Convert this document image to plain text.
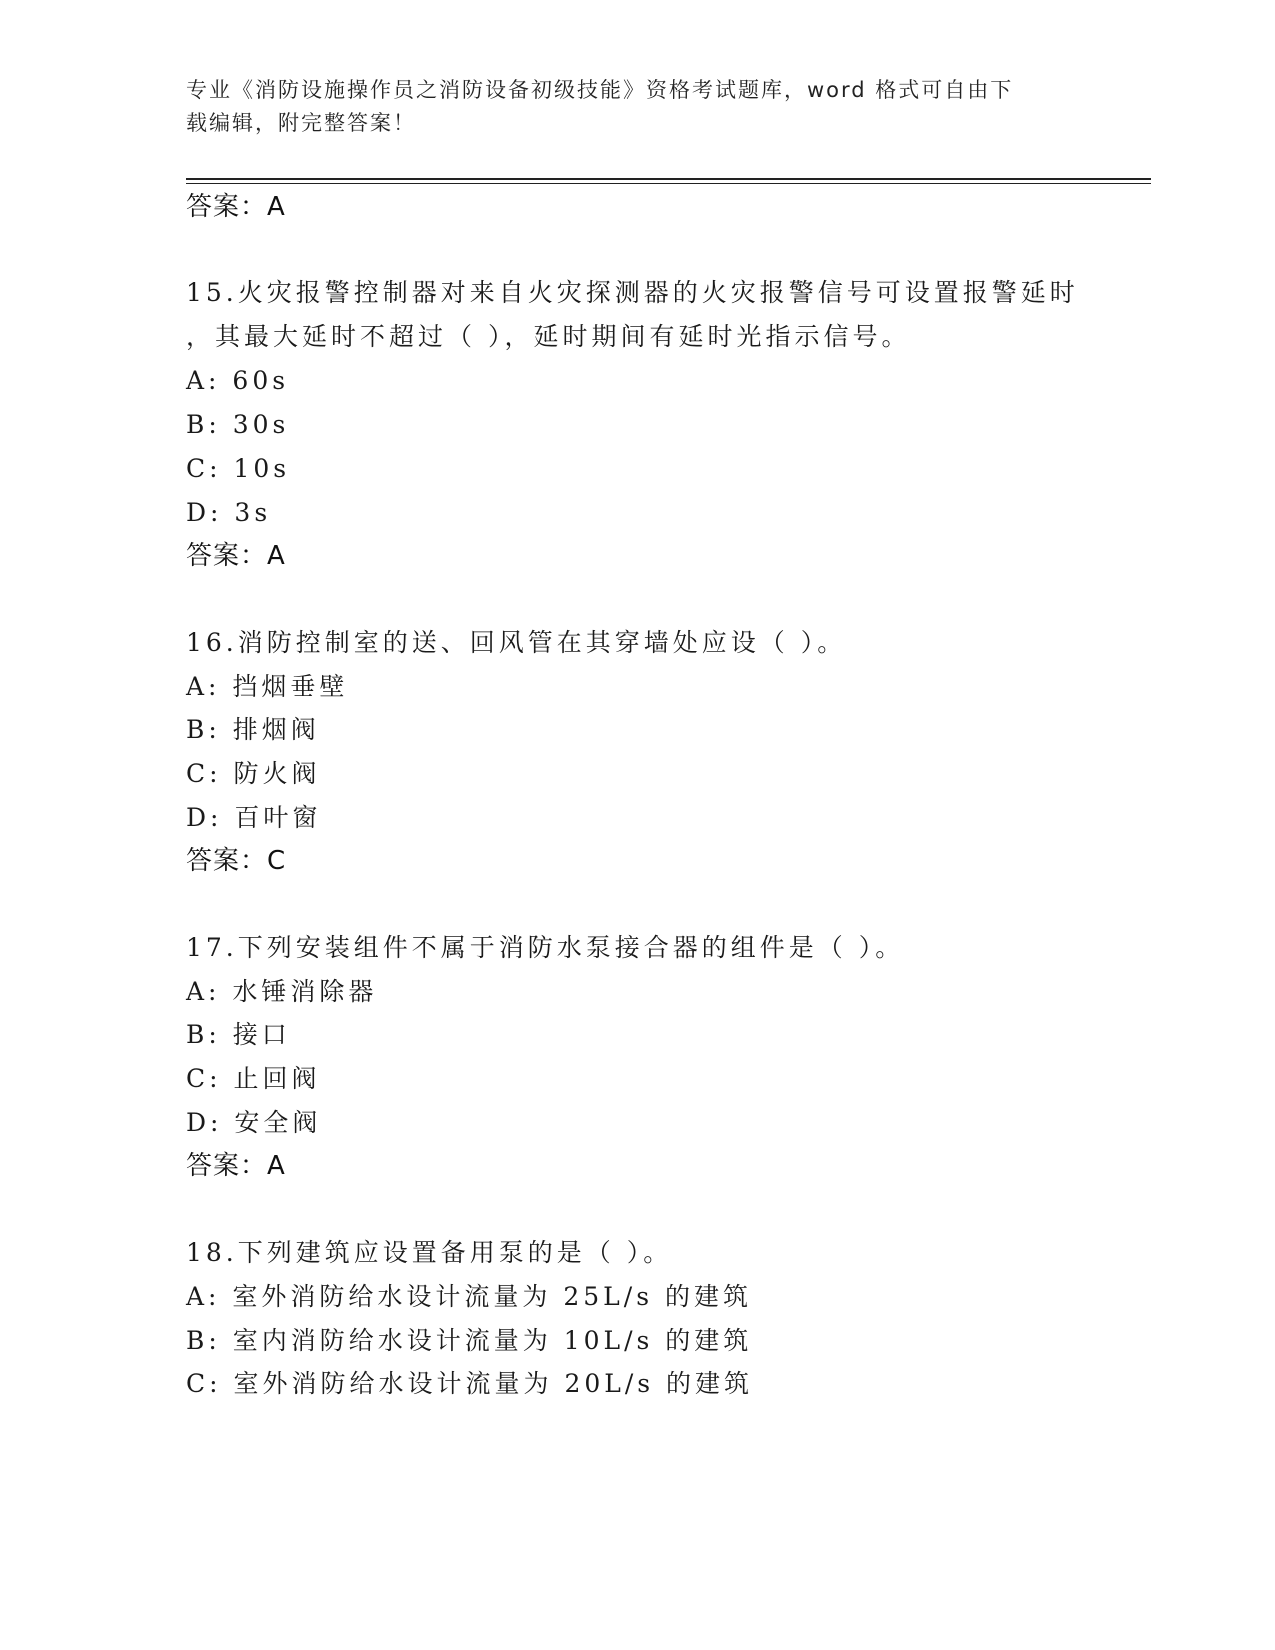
专业《消防设施操作员之消防设备初级技能》资格考试题库，word 格式可自由下
载编辑，附完整答案！
答案：A
15.火灾报警控制器对来自火灾探测器的火灾报警信号可设置报警延时
，其最大延时不超过（ ），延时期间有延时光指示信号。
A: 60s
B: 30s
C: 10s
D: 3s
答案：A
16.消防控制室的送、回风管在其穿墙处应设（ ）。
A: 挡烟垂壁
B: 排烟阀
C: 防火阀
D: 百叶窗
答案：C
17.下列安装组件不属于消防水泵接合器的组件是（ ）。
A: 水锤消除器
B: 接口
C: 止回阀
D: 安全阀
答案：A
18.下列建筑应设置备用泵的是（ ）。
A: 室外消防给水设计流量为 25L/s 的建筑
B: 室内消防给水设计流量为 10L/s 的建筑
C: 室外消防给水设计流量为 20L/s 的建筑
